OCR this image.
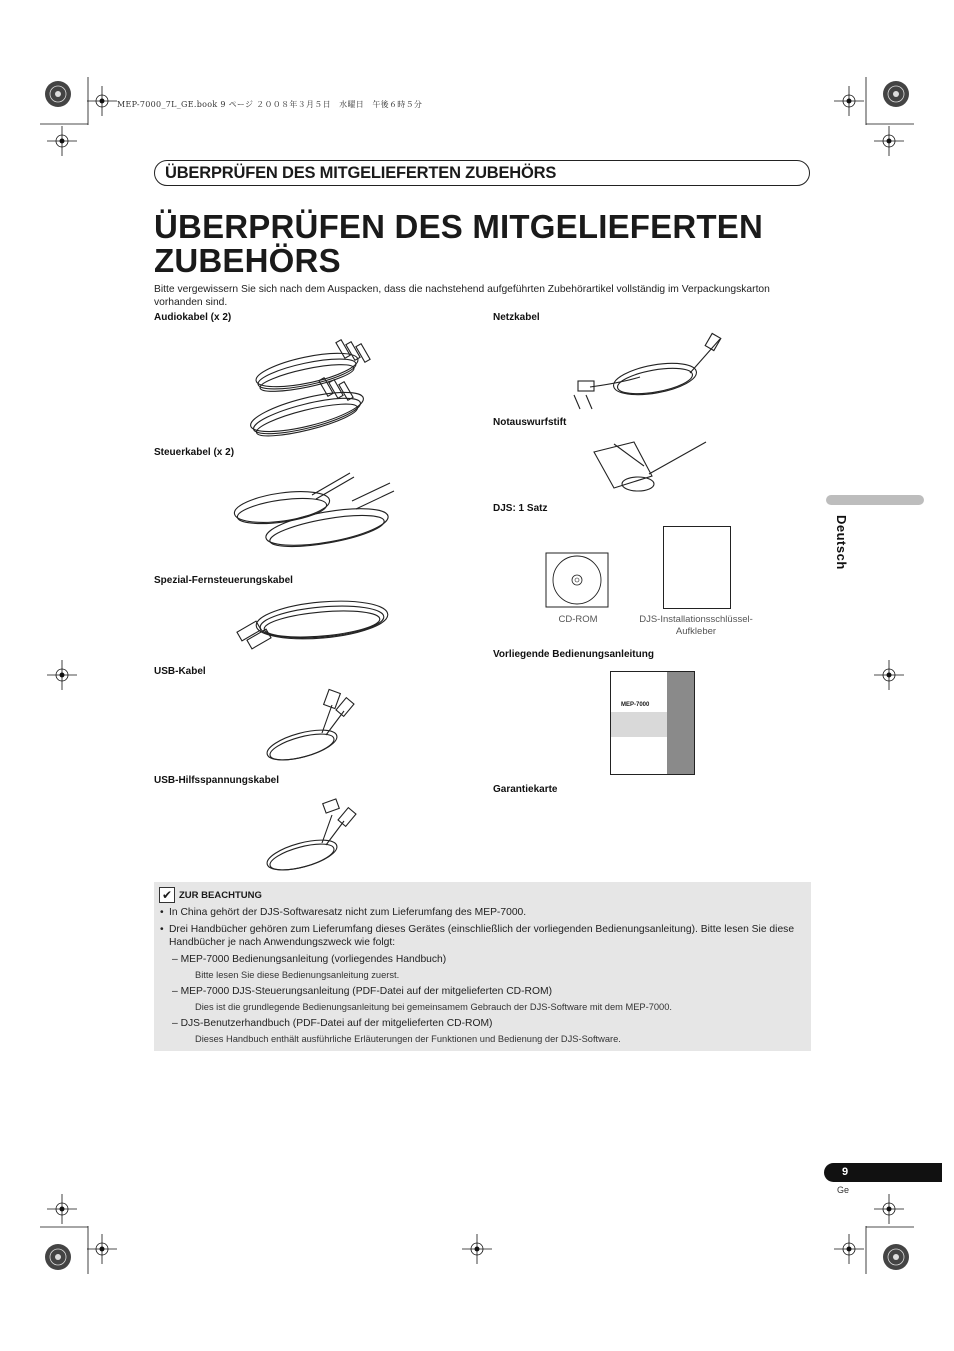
MEP-7000_7L_GE.book 9 ページ ２００８年３月５日　水曜日　午後６時５分
ÜBERPRÜFEN DES MITGELIEFERTEN ZUBEHÖRS
ÜBERPRÜFEN DES MITGELIEFERTEN ZUBEHÖRS
Bitte vergewissern Sie sich nach dem Auspacken, dass die nachstehend aufgeführten Zubehörartikel vollständig im Verpackungskarton vorhanden sind.
Audiokabel (x 2)
Steuerkabel (x 2)
Spezial-Fernsteuerungskabel
USB-Kabel
USB-Hilfsspannungskabel
Netzkabel
Notauswurfstift
DJS: 1 Satz
Vorliegende Bedienungsanleitung
Garantiekarte
CD-ROM	DJS-Installationsschlüssel-Aufkleber
MEP-7000
Deutsch
✔ ZUR BEACHTUNG
• In China gehört der DJS-Softwaresatz nicht zum Lieferumfang des MEP-7000.
• Drei Handbücher gehören zum Lieferumfang dieses Gerätes (einschließlich der vorliegenden Bedienungsanleitung). Bitte lesen Sie diese Handbücher je nach Anwendungszweck wie folgt:
– MEP-7000 Bedienungsanleitung (vorliegendes Handbuch)
Bitte lesen Sie diese Bedienungsanleitung zuerst.
– MEP-7000 DJS-Steuerungsanleitung (PDF-Datei auf der mitgelieferten CD-ROM)
Dies ist die grundlegende Bedienungsanleitung bei gemeinsamem Gebrauch der DJS-Software mit dem MEP-7000.
– DJS-Benutzerhandbuch (PDF-Datei auf der mitgelieferten CD-ROM)
Dieses Handbuch enthält ausführliche Erläuterungen der Funktionen und Bedienung der DJS-Software.
9
Ge
